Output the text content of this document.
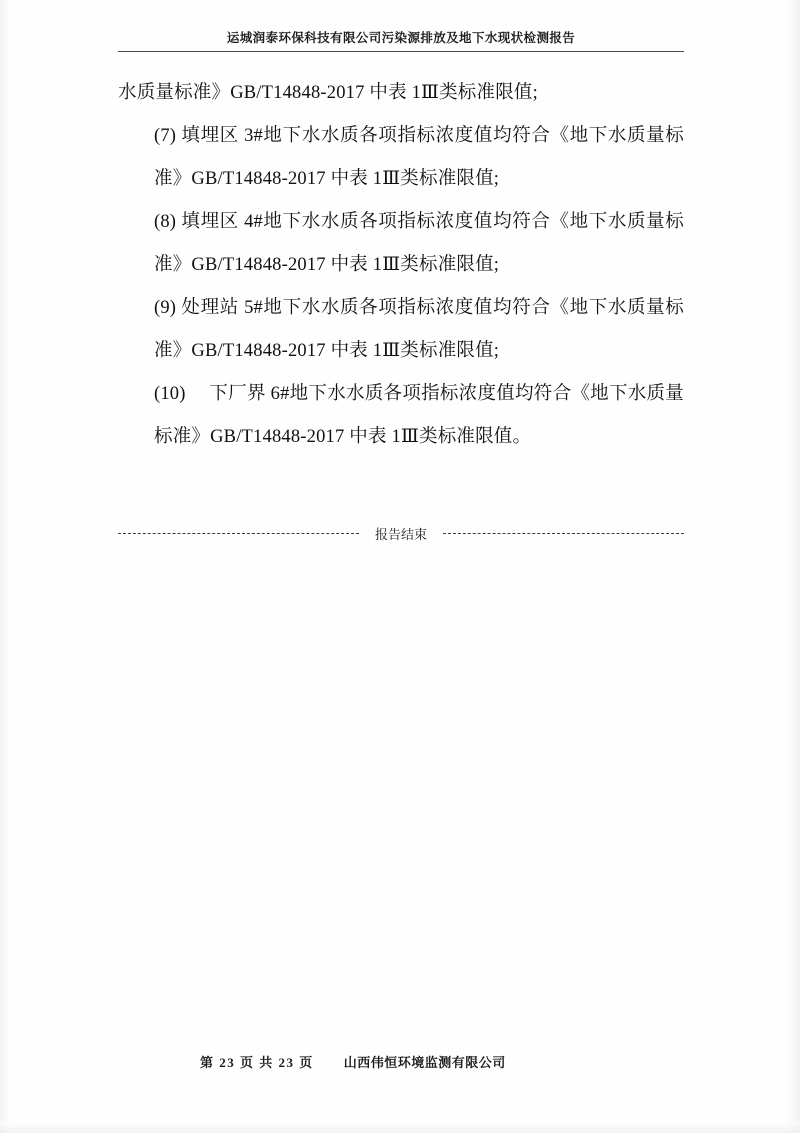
运城润泰环保科技有限公司污染源排放及地下水现状检测报告

水质量标准》GB/T14848-2017 中表 1Ⅲ类标准限值;

(7) 填埋区 3#地下水水质各项指标浓度值均符合《地下水质量标准》GB/T14848-2017 中表 1Ⅲ类标准限值;

(8) 填埋区 4#地下水水质各项指标浓度值均符合《地下水质量标准》GB/T14848-2017 中表 1Ⅲ类标准限值;

(9) 处理站 5#地下水水质各项指标浓度值均符合《地下水质量标准》GB/T14848-2017 中表 1Ⅲ类标准限值;

(10)　 下厂界 6#地下水水质各项指标浓度值均符合《地下水质量标准》GB/T14848-2017 中表 1Ⅲ类标准限值。

报告结束
第 23 页 共 23 页 山西伟恒环境监测有限公司
